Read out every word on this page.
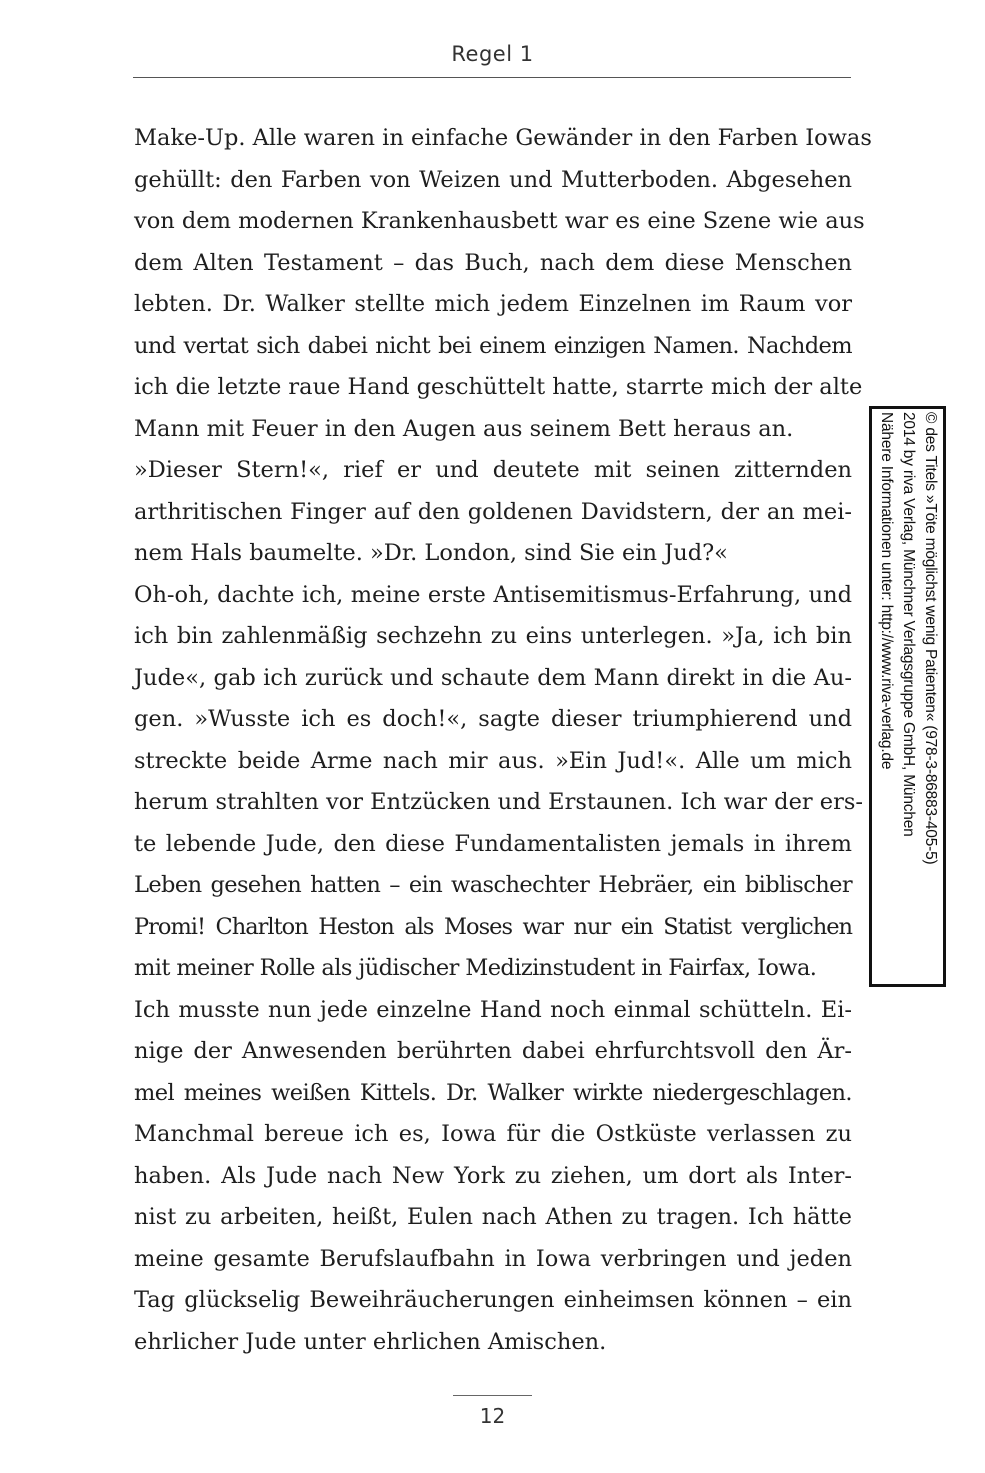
Regel 1
Make-Up. Alle waren in einfache Gewänder in den Farben Iowas
gehüllt: den Farben von Weizen und Mutterboden. Abgesehen
von dem modernen Krankenhausbett war es eine Szene wie aus
dem Alten Testament – das Buch, nach dem diese Menschen
lebten. Dr. Walker stellte mich jedem Einzelnen im Raum vor
und vertat sich dabei nicht bei einem einzigen Namen. Nachdem
ich die letzte raue Hand geschüttelt hatte, starrte mich der alte
Mann mit Feuer in den Augen aus seinem Bett heraus an.
»Dieser Stern!«, rief er und deutete mit seinen zitternden
arthritischen Finger auf den goldenen Davidstern, der an mei-
nem Hals baumelte. »Dr. London, sind Sie ein Jud?«
Oh-oh, dachte ich, meine erste Antisemitismus-Erfahrung, und
ich bin zahlenmäßig sechzehn zu eins unterlegen. »Ja, ich bin
Jude«, gab ich zurück und schaute dem Mann direkt in die Au-
gen. »Wusste ich es doch!«, sagte dieser triumphierend und
streckte beide Arme nach mir aus. »Ein Jud!«. Alle um mich
herum strahlten vor Entzücken und Erstaunen. Ich war der ers-
te lebende Jude, den diese Fundamentalisten jemals in ihrem
Leben gesehen hatten – ein waschechter Hebräer, ein biblischer
Promi! Charlton Heston als Moses war nur ein Statist verglichen
mit meiner Rolle als jüdischer Medizinstudent in Fairfax, Iowa.
Ich musste nun jede einzelne Hand noch einmal schütteln. Ei-
nige der Anwesenden berührten dabei ehrfurchtsvoll den Är-
mel meines weißen Kittels. Dr. Walker wirkte niedergeschlagen.
Manchmal bereue ich es, Iowa für die Ostküste verlassen zu
haben. Als Jude nach New York zu ziehen, um dort als Inter-
nist zu arbeiten, heißt, Eulen nach Athen zu tragen. Ich hätte
meine gesamte Berufslaufbahn in Iowa verbringen und jeden
Tag glückselig Beweihräucherungen einheimsen können – ein
ehrlicher Jude unter ehrlichen Amischen.
© des Titels »Töte möglichst wenig Patienten« (978-3-86883-405-5)
2014 by riva Verlag, Münchner Verlagsgruppe GmbH, München
Nähere Informationen unter: http://www.riva-verlag.de
12
